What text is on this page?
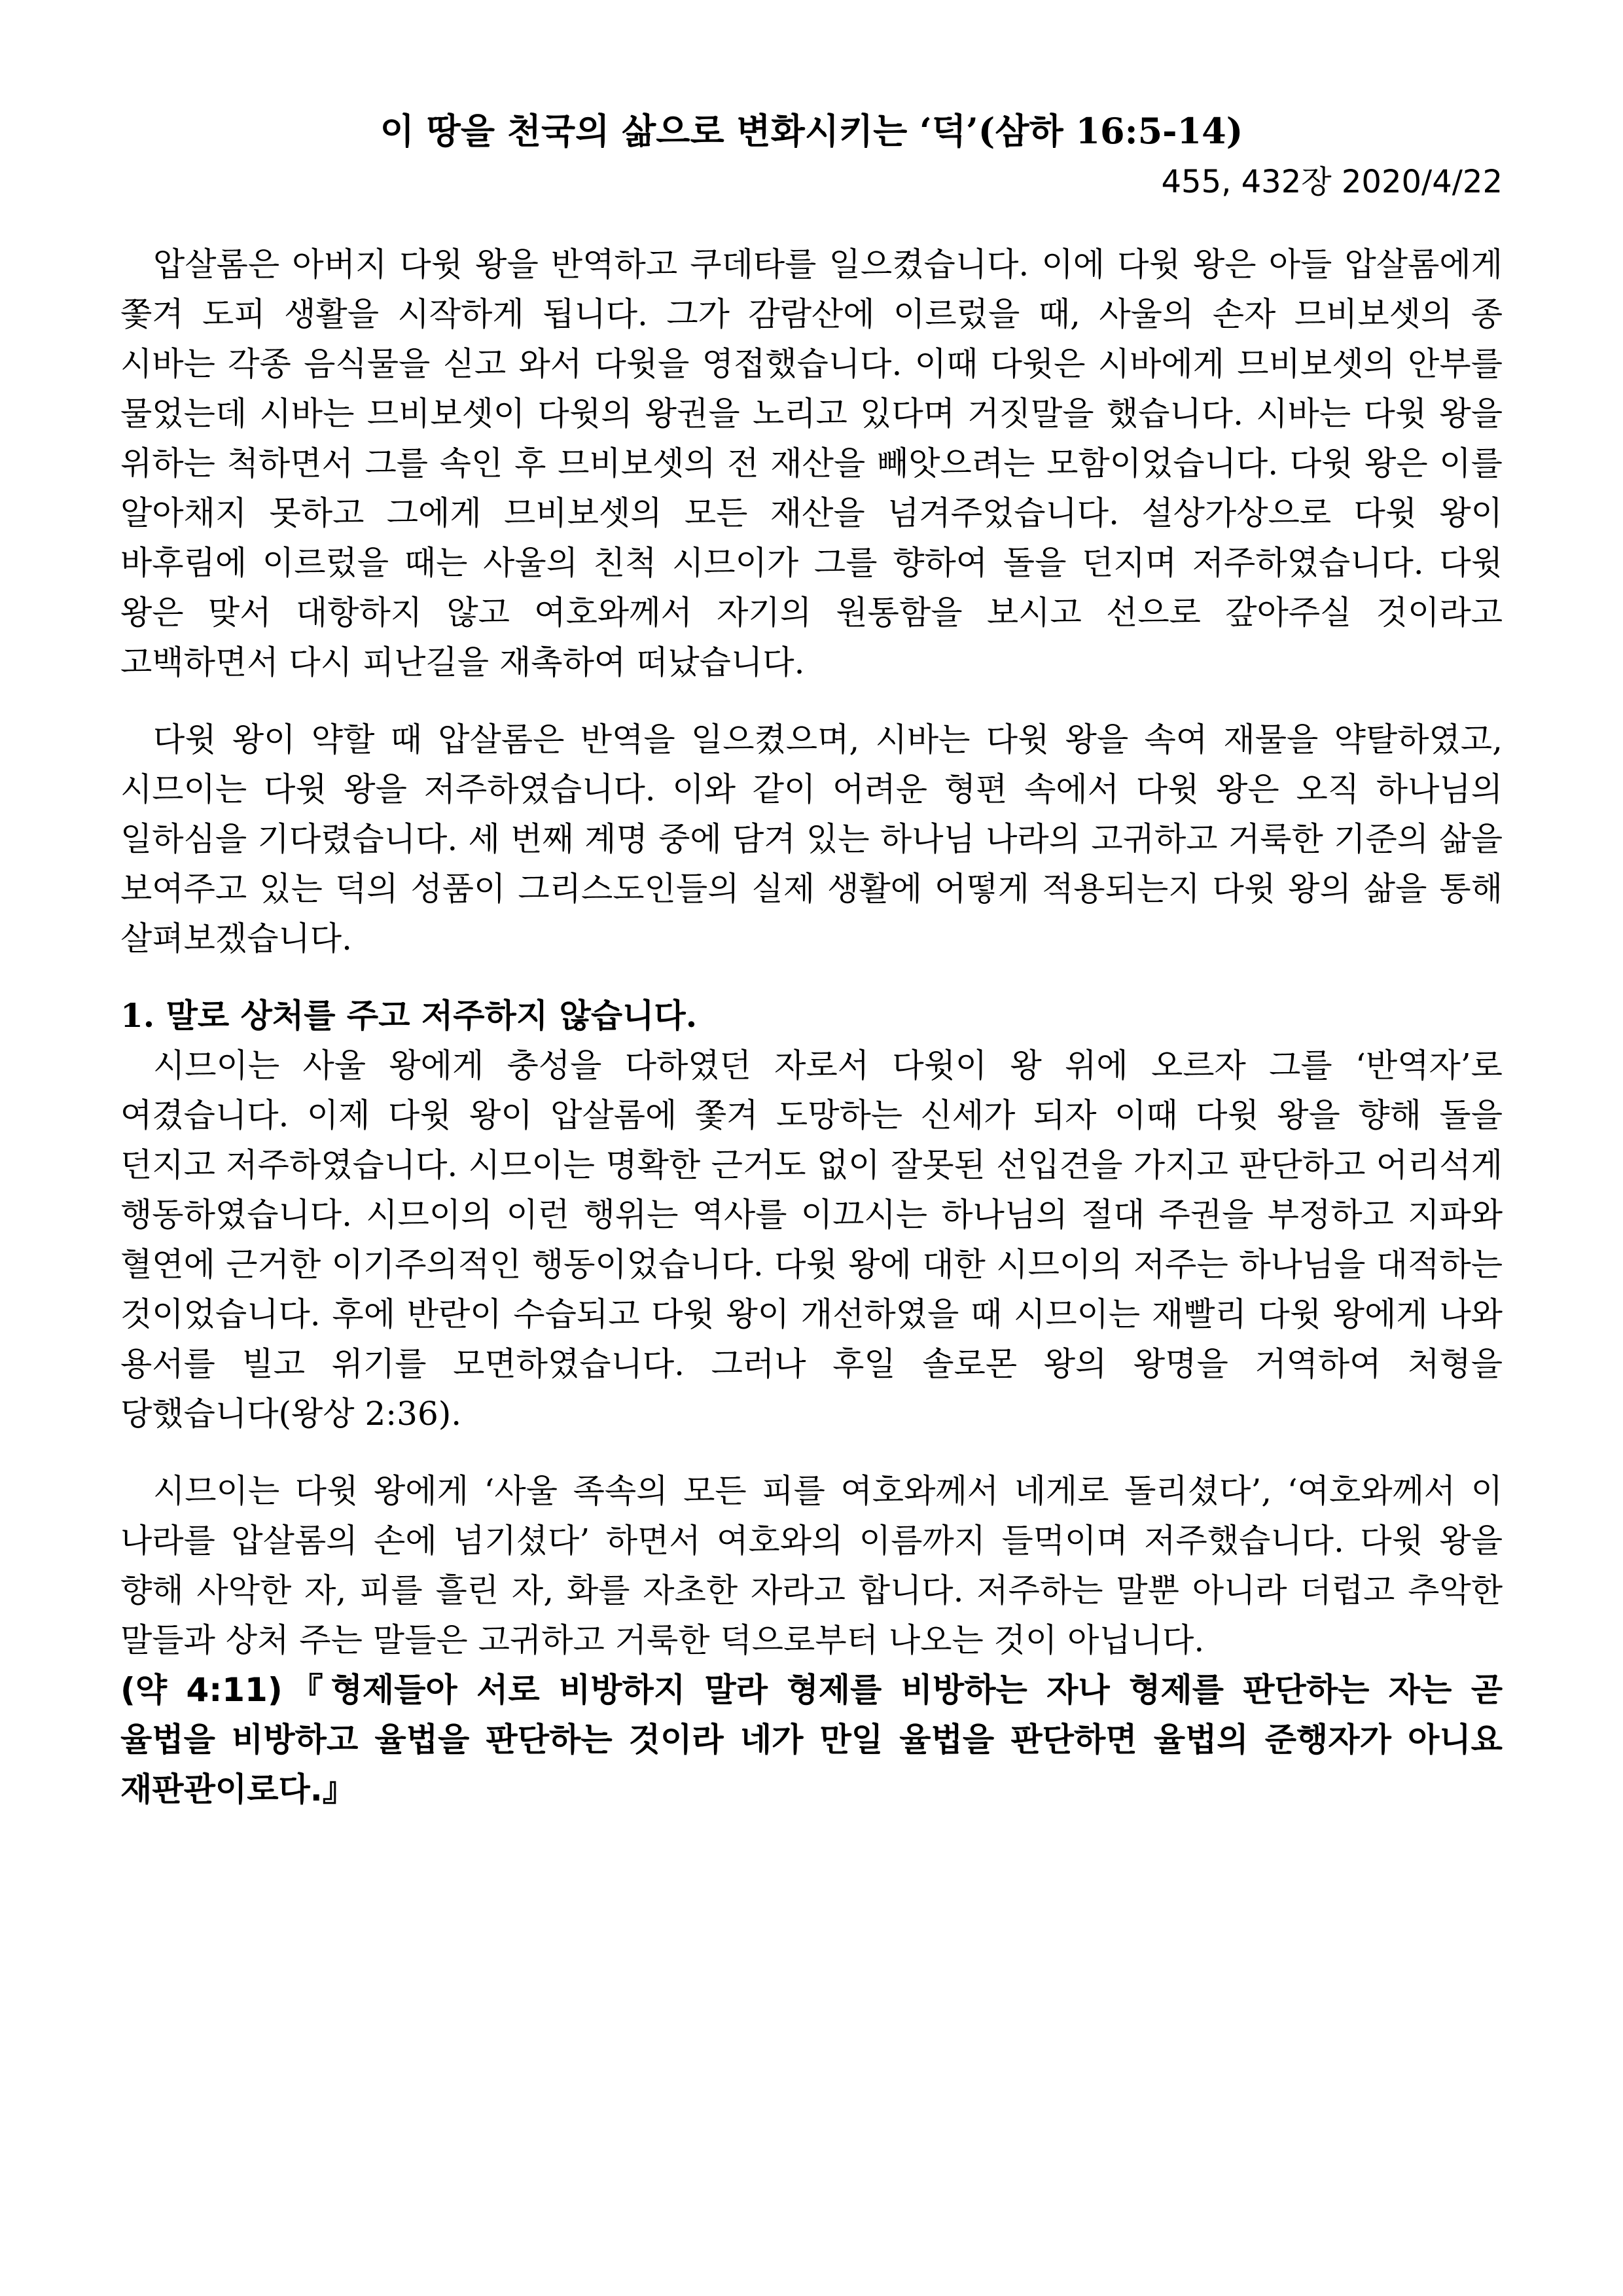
이 땅을 천국의 삶으로 변화시키는 ‘덕’(삼하 16:5-14)

455, 432장 2020/4/22

압살롬은 아버지 다윗 왕을 반역하고 쿠데타를 일으켰습니다. 이에 다윗 왕은 아들 압살롬에게 쫓겨 도피 생활을 시작하게 됩니다. 그가 감람산에 이르렀을 때, 사울의 손자 므비보셋의 종 시바는 각종 음식물을 싣고 와서 다윗을 영접했습니다. 이때 다윗은 시바에게 므비보셋의 안부를 물었는데 시바는 므비보셋이 다윗의 왕권을 노리고 있다며 거짓말을 했습니다. 시바는 다윗 왕을 위하는 척하면서 그를 속인 후 므비보셋의 전 재산을 빼앗으려는 모함이었습니다. 다윗 왕은 이를 알아채지 못하고 그에게 므비보셋의 모든 재산을 넘겨주었습니다. 설상가상으로 다윗 왕이 바후림에 이르렀을 때는 사울의 친척 시므이가 그를 향하여 돌을 던지며 저주하였습니다. 다윗 왕은 맞서 대항하지 않고 여호와께서 자기의 원통함을 보시고 선으로 갚아주실 것이라고 고백하면서 다시 피난길을 재촉하여 떠났습니다.

다윗 왕이 약할 때 압살롬은 반역을 일으켰으며, 시바는 다윗 왕을 속여 재물을 약탈하였고, 시므이는 다윗 왕을 저주하였습니다. 이와 같이 어려운 형편 속에서 다윗 왕은 오직 하나님의 일하심을 기다렸습니다. 세 번째 계명 중에 담겨 있는 하나님 나라의 고귀하고 거룩한 기준의 삶을 보여주고 있는 덕의 성품이 그리스도인들의 실제 생활에 어떻게 적용되는지 다윗 왕의 삶을 통해 살펴보겠습니다.

1. 말로 상처를 주고 저주하지 않습니다.

시므이는 사울 왕에게 충성을 다하였던 자로서 다윗이 왕 위에 오르자 그를 ‘반역자’로 여겼습니다. 이제 다윗 왕이 압살롬에 쫓겨 도망하는 신세가 되자 이때 다윗 왕을 향해 돌을 던지고 저주하였습니다. 시므이는 명확한 근거도 없이 잘못된 선입견을 가지고 판단하고 어리석게 행동하였습니다. 시므이의 이런 행위는 역사를 이끄시는 하나님의 절대 주권을 부정하고 지파와 혈연에 근거한 이기주의적인 행동이었습니다. 다윗 왕에 대한 시므이의 저주는 하나님을 대적하는 것이었습니다. 후에 반란이 수습되고 다윗 왕이 개선하였을 때 시므이는 재빨리 다윗 왕에게 나와 용서를 빌고 위기를 모면하였습니다. 그러나 후일 솔로몬 왕의 왕명을 거역하여 처형을 당했습니다(왕상 2:36).

시므이는 다윗 왕에게 ‘사울 족속의 모든 피를 여호와께서 네게로 돌리셨다’, ‘여호와께서 이 나라를 압살롬의 손에 넘기셨다’ 하면서 여호와의 이름까지 들먹이며 저주했습니다. 다윗 왕을 향해 사악한 자, 피를 흘린 자, 화를 자초한 자라고 합니다. 저주하는 말뿐 아니라 더럽고 추악한 말들과 상처 주는 말들은 고귀하고 거룩한 덕으로부터 나오는 것이 아닙니다.

(약 4:11)『형제들아 서로 비방하지 말라 형제를 비방하는 자나 형제를 판단하는 자는 곧 율법을 비방하고 율법을 판단하는 것이라 네가 만일 율법을 판단하면 율법의 준행자가 아니요 재판관이로다.』
